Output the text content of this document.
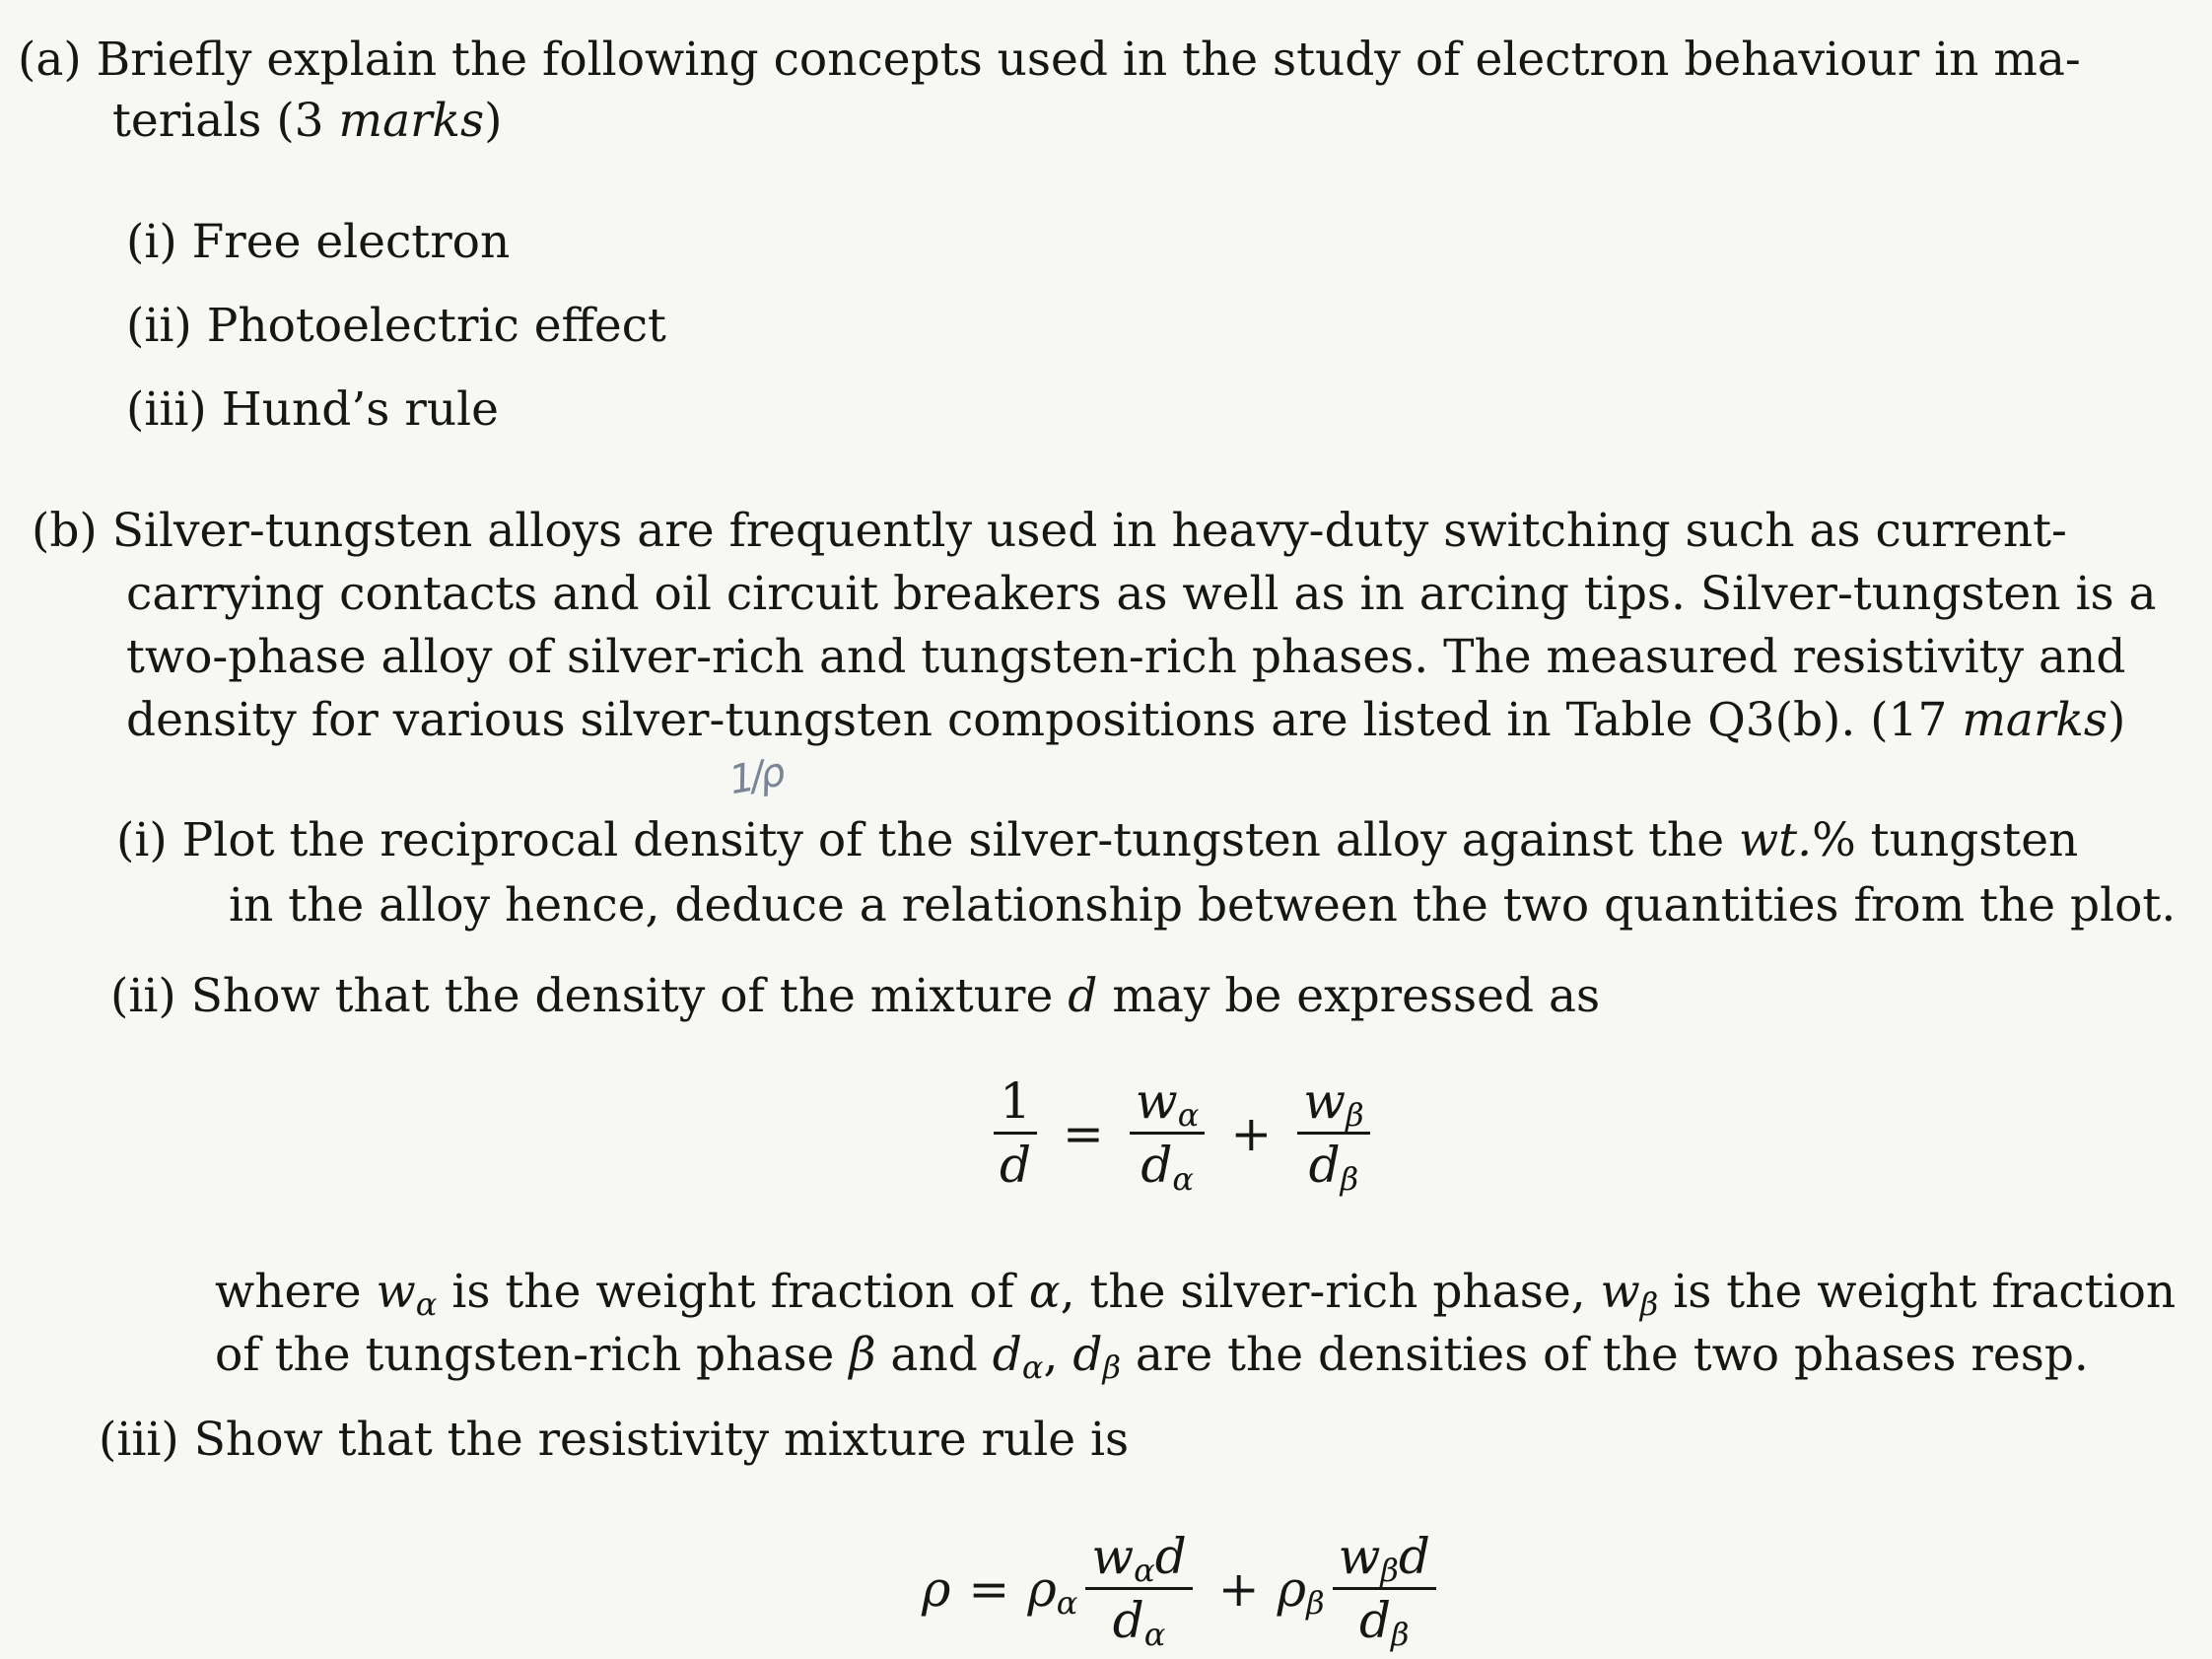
(a) Briefly explain the following concepts used in the study of electron behaviour in ma-
terials (3 marks)
(i) Free electron
(ii) Photoelectric effect
(iii) Hund’s rule
(b) Silver-tungsten alloys are frequently used in heavy-duty switching such as current-
carrying contacts and oil circuit breakers as well as in arcing tips. Silver-tungsten is a
two-phase alloy of silver-rich and tungsten-rich phases. The measured resistivity and
density for various silver-tungsten compositions are listed in Table Q3(b). (17 marks)
1/ρ
(i) Plot the reciprocal density of the silver-tungsten alloy against the wt.% tungsten
in the alloy hence, deduce a relationship between the two quantities from the plot.
(ii) Show that the density of the mixture d may be expressed as
$\frac{1}{d} = \frac{w_\alpha}{d_\alpha} + \frac{w_\beta}{d_\beta}$
where $w_\alpha$ is the weight fraction of α, the silver-rich phase, $w_\beta$ is the weight fraction
of the tungsten-rich phase β and $d_\alpha$, $d_\beta$ are the densities of the two phases resp.
(iii) Show that the resistivity mixture rule is
$\rho = \rho_\alpha \frac{w_\alpha d}{d_\alpha} + \rho_\beta \frac{w_\beta d}{d_\beta}$
